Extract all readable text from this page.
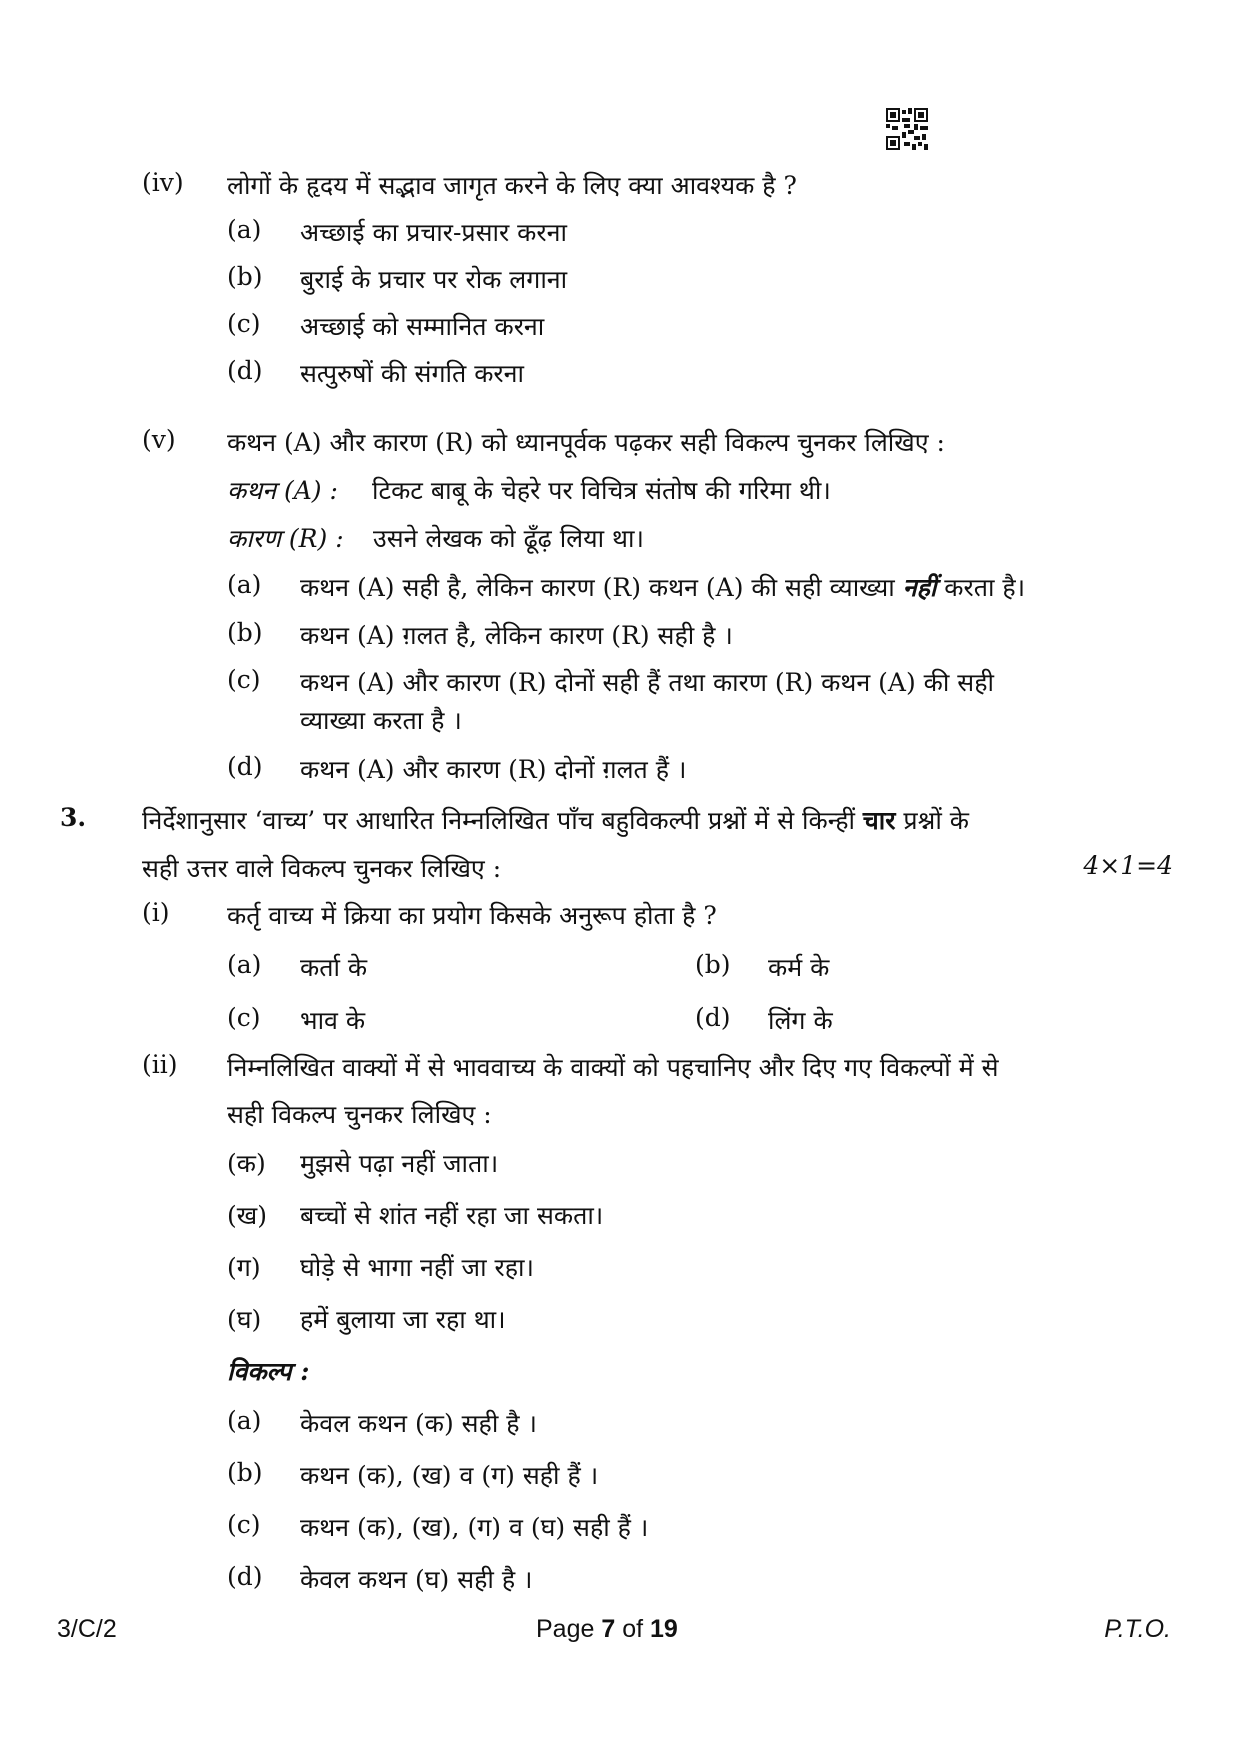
(iv) लोगों के हृदय में सद्भाव जागृत करने के लिए क्या आवश्यक है ?
(a) अच्छाई का प्रचार-प्रसार करना
(b) बुराई के प्रचार पर रोक लगाना
(c) अच्छाई को सम्मानित करना
(d) सत्पुरुषों की संगति करना
(v) कथन (A) और कारण (R) को ध्यानपूर्वक पढ़कर सही विकल्प चुनकर लिखिए :
कथन (A) : टिकट बाबू के चेहरे पर विचित्र संतोष की गरिमा थी।
कारण (R) : उसने लेखक को ढूँढ़ लिया था।
(a) कथन (A) सही है, लेकिन कारण (R) कथन (A) की सही व्याख्या नहीं करता है।
(b) कथन (A) ग़लत है, लेकिन कारण (R) सही है ।
(c) कथन (A) और कारण (R) दोनों सही हैं तथा कारण (R) कथन (A) की सही
व्याख्या करता है ।
(d) कथन (A) और कारण (R) दोनों ग़लत हैं ।
3. निर्देशानुसार ‘वाच्य’ पर आधारित निम्नलिखित पाँच बहुविकल्पी प्रश्नों में से किन्हीं चार प्रश्नों के
सही उत्तर वाले विकल्प चुनकर लिखिए :	4×1=4
(i) कर्तृ वाच्य में क्रिया का प्रयोग किसके अनुरूप होता है ?
(a) कर्ता के	(b) कर्म के
(c) भाव के	(d) लिंग के
(ii) निम्नलिखित वाक्यों में से भाववाच्य के वाक्यों को पहचानिए और दिए गए विकल्पों में से
सही विकल्प चुनकर लिखिए :
(क) मुझसे पढ़ा नहीं जाता।
(ख) बच्चों से शांत नहीं रहा जा सकता।
(ग) घोड़े से भागा नहीं जा रहा।
(घ) हमें बुलाया जा रहा था।
विकल्प :
(a) केवल कथन (क) सही है ।
(b) कथन (क), (ख) व (ग) सही हैं ।
(c) कथन (क), (ख), (ग) व (घ) सही हैं ।
(d) केवल कथन (घ) सही है ।
3/C/2	Page 7 of 19	P.T.O.
